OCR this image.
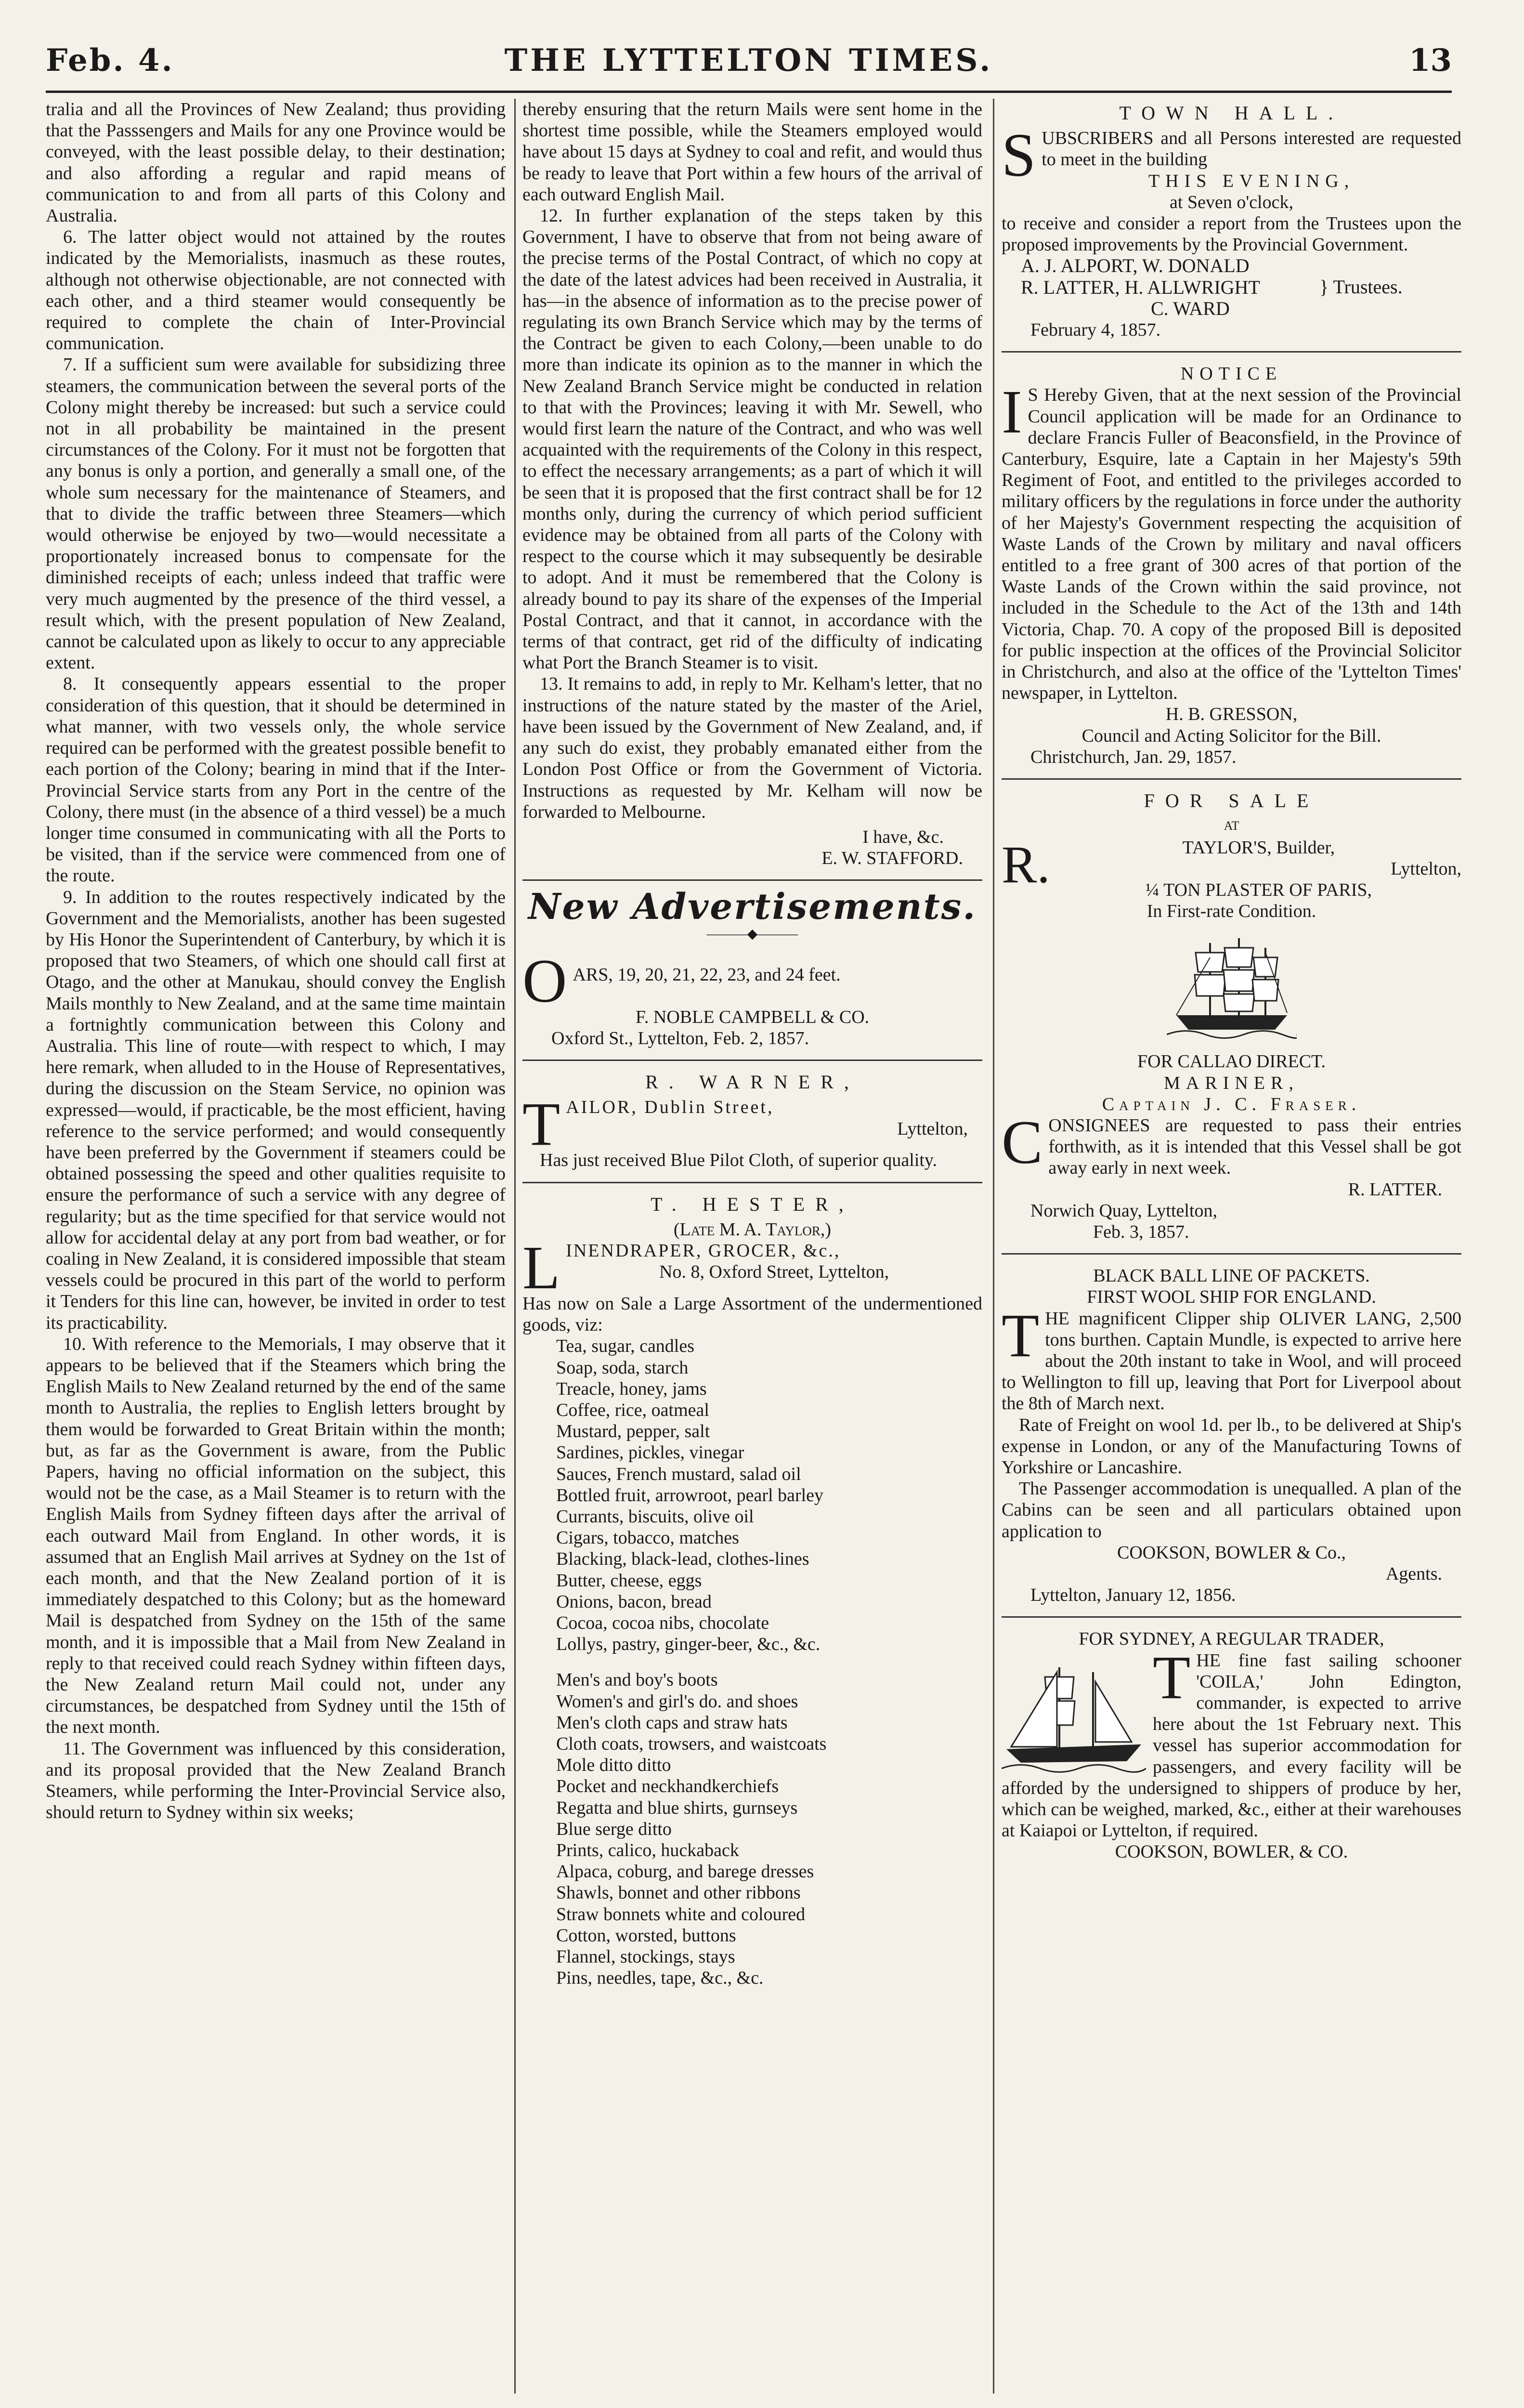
Feb. 4.	THE LYTTELTON TIMES.	13

tralia and all the Provinces of New Zealand; thus providing that the Passsengers and Mails for any one Province would be conveyed, with the least possible delay, to their destination; and also affording a regular and rapid means of communication to and from all parts of this Colony and Australia.

6. The latter object would not attained by the routes indicated by the Memorialists, inasmuch as these routes, although not otherwise objectionable, are not connected with each other, and a third steamer would consequently be required to complete the chain of Inter-Provincial communication.

7. If a sufficient sum were available for subsidizing three steamers, the communication between the several ports of the Colony might thereby be increased: but such a service could not in all probability be maintained in the present circumstances of the Colony. For it must not be forgotten that any bonus is only a portion, and generally a small one, of the whole sum necessary for the maintenance of Steamers, and that to divide the traffic between three Steamers—which would otherwise be enjoyed by two—would necessitate a proportionately increased bonus to compensate for the diminished receipts of each; unless indeed that traffic were very much augmented by the presence of the third vessel, a result which, with the present population of New Zealand, cannot be calculated upon as likely to occur to any appreciable extent.

8. It consequently appears essential to the proper consideration of this question, that it should be determined in what manner, with two vessels only, the whole service required can be performed with the greatest possible benefit to each portion of the Colony; bearing in mind that if the Inter-Provincial Service starts from any Port in the centre of the Colony, there must (in the absence of a third vessel) be a much longer time consumed in communicating with all the Ports to be visited, than if the service were commenced from one of the route.

9. In addition to the routes respectively indicated by the Government and the Memorialists, another has been sugested by His Honor the Superintendent of Canterbury, by which it is proposed that two Steamers, of which one should call first at Otago, and the other at Manukau, should convey the English Mails monthly to New Zealand, and at the same time maintain a fortnightly communication between this Colony and Australia. This line of route—with respect to which, I may here remark, when alluded to in the House of Representatives, during the discussion on the Steam Service, no opinion was expressed—would, if practicable, be the most efficient, having reference to the service performed; and would consequently have been preferred by the Government if steamers could be obtained possessing the speed and other qualities requisite to ensure the performance of such a service with any degree of regularity; but as the time specified for that service would not allow for accidental delay at any port from bad weather, or for coaling in New Zealand, it is considered impossible that steam vessels could be procured in this part of the world to perform it Tenders for this line can, however, be invited in order to test its practicability.

10. With reference to the Memorials, I may observe that it appears to be believed that if the Steamers which bring the English Mails to New Zealand returned by the end of the same month to Australia, the replies to English letters brought by them would be forwarded to Great Britain within the month; but, as far as the Government is aware, from the Public Papers, having no official information on the subject, this would not be the case, as a Mail Steamer is to return with the English Mails from Sydney fifteen days after the arrival of each outward Mail from England. In other words, it is assumed that an English Mail arrives at Sydney on the 1st of each month, and that the New Zealand portion of it is immediately despatched to this Colony; but as the homeward Mail is despatched from Sydney on the 15th of the same month, and it is impossible that a Mail from New Zealand in reply to that received could reach Sydney within fifteen days, the New Zealand return Mail could not, under any circumstances, be despatched from Sydney until the 15th of the next month.

11. The Government was influenced by this consideration, and its proposal provided that the New Zealand Branch Steamers, while performing the Inter-Provincial Service also, should return to Sydney within six weeks;

thereby ensuring that the return Mails were sent home in the shortest time possible, while the Steamers employed would have about 15 days at Sydney to coal and refit, and would thus be ready to leave that Port within a few hours of the arrival of each outward English Mail.

12. In further explanation of the steps taken by this Government, I have to observe that from not being aware of the precise terms of the Postal Contract, of which no copy at the date of the latest advices had been received in Australia, it has—in the absence of information as to the precise power of regulating its own Branch Service which may by the terms of the Contract be given to each Colony,—been unable to do more than indicate its opinion as to the manner in which the New Zealand Branch Service might be conducted in relation to that with the Provinces; leaving it with Mr. Sewell, who would first learn the nature of the Contract, and who was well acquainted with the requirements of the Colony in this respect, to effect the necessary arrangements; as a part of which it will be seen that it is proposed that the first contract shall be for 12 months only, during the currency of which period sufficient evidence may be obtained from all parts of the Colony with respect to the course which it may subsequently be desirable to adopt. And it must be remembered that the Colony is already bound to pay its share of the expenses of the Imperial Postal Contract, and that it cannot, in accordance with the terms of that contract, get rid of the difficulty of indicating what Port the Branch Steamer is to visit.

13. It remains to add, in reply to Mr. Kelham's letter, that no instructions of the nature stated by the master of the Ariel, have been issued by the Government of New Zealand, and, if any such do exist, they probably emanated either from the London Post Office or from the Government of Victoria. Instructions as requested by Mr. Kelham will now be forwarded to Melbourne.

I have, &c.
E. W. STAFFORD.
New Advertisements.
———◆———
O ARS, 19, 20, 21, 22, 23, and 24 feet.
F. NOBLE CAMPBELL & CO.
Oxford St., Lyttelton, Feb. 2, 1857.
R. WARNER,
T AILOR, Dublin Street,
Lyttelton,

Has just received Blue Pilot Cloth, of superior quality.

T. HESTER,
(Late M. A. Taylor,)
L INENDRAPER, GROCER, &c.,
No. 8, Oxford Street, Lyttelton,

Has now on Sale a Large Assortment of the undermentioned goods, viz:

Tea, sugar, candles
Soap, soda, starch
Treacle, honey, jams
Coffee, rice, oatmeal
Mustard, pepper, salt
Sardines, pickles, vinegar
Sauces, French mustard, salad oil
Bottled fruit, arrowroot, pearl barley
Currants, biscuits, olive oil
Cigars, tobacco, matches
Blacking, black-lead, clothes-lines
Butter, cheese, eggs
Onions, bacon, bread
Cocoa, cocoa nibs, chocolate
Lollys, pastry, ginger-beer, &c., &c.
Men's and boy's boots
Women's and girl's do. and shoes
Men's cloth caps and straw hats
Cloth coats, trowsers, and waistcoats
Mole ditto ditto
Pocket and neckhandkerchiefs
Regatta and blue shirts, gurnseys
Blue serge ditto
Prints, calico, huckaback
Alpaca, coburg, and barege dresses
Shawls, bonnet and other ribbons
Straw bonnets white and coloured
Cotton, worsted, buttons
Flannel, stockings, stays
Pins, needles, tape, &c., &c.
TOWN HALL.
S UBSCRIBERS and all Persons interested are requested to meet in the building

THIS EVENING,
at Seven o'clock,

to receive and consider a report from the Trustees upon the proposed improvements by the Provincial Government.

A. J. ALPORT, W. DONALD
R. LATTER, H. ALLWRIGHT
C. WARD
} Trustees.
February 4, 1857.
NOTICE
I S Hereby Given, that at the next session of the Provincial Council application will be made for an Ordinance to declare Francis Fuller of Beaconsfield, in the Province of Canterbury, Esquire, late a Captain in her Majesty's 59th Regiment of Foot, and entitled to the privileges accorded to military officers by the regulations in force under the authority of her Majesty's Government respecting the acquisition of Waste Lands of the Crown by military and naval officers entitled to a free grant of 300 acres of that portion of the Waste Lands of the Crown within the said province, not included in the Schedule to the Act of the 13th and 14th Victoria, Chap. 70. A copy of the proposed Bill is deposited for public inspection at the offices of the Provincial Solicitor in Christchurch, and also at the office of the 'Lyttelton Times' newspaper, in Lyttelton.

H. B. GRESSON,
Council and Acting Solicitor for the Bill.
Christchurch, Jan. 29, 1857.
FOR SALE
AT
R.	TAYLOR'S, Builder,
Lyttelton,
¼ TON PLASTER OF PARIS,
In First-rate Condition.
FOR CALLAO DIRECT.
MARINER,
Captain J. C. Fraser.
C ONSIGNEES are requested to pass their entries forthwith, as it is intended that this Vessel shall be got away early in next week.

R. LATTER.
Norwich Quay, Lyttelton,
Feb. 3, 1857.
BLACK BALL LINE OF PACKETS.
FIRST WOOL SHIP FOR ENGLAND.
T HE magnificent Clipper ship OLIVER LANG, 2,500 tons burthen. Captain Mundle, is expected to arrive here about the 20th instant to take in Wool, and will proceed to Wellington to fill up, leaving that Port for Liverpool about the 8th of March next.

Rate of Freight on wool 1d. per lb., to be delivered at Ship's expense in London, or any of the Manufacturing Towns of Yorkshire or Lancashire.

The Passenger accommodation is unequalled. A plan of the Cabins can be seen and all particulars obtained upon application to

COOKSON, BOWLER & Co.,
Agents.
Lyttelton, January 12, 1856.
FOR SYDNEY, A REGULAR TRADER,
T HE fine fast sailing schooner 'COILA,' John Edington, commander, is expected to arrive here about the 1st February next. This vessel has superior accommodation for passengers, and every facility will be afforded by the undersigned to shippers of produce by her, which can be weighed, marked, &c., either at their warehouses at Kaiapoi or Lyttelton, if required.

COOKSON, BOWLER, & CO.
